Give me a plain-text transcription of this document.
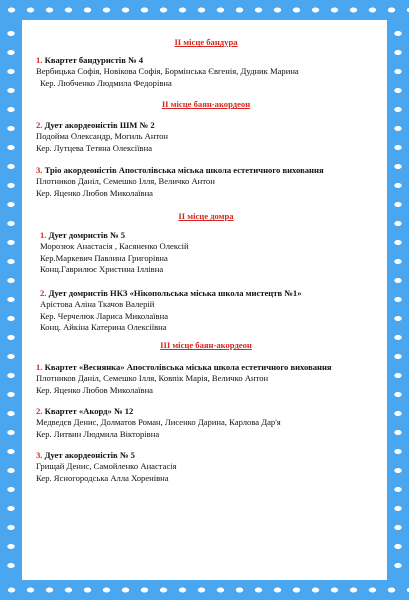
II місце бандура
1. Квартет бандуристів № 4
Вербицька Софія, Новікова Софія, Бормінська Євгенія, Дудник Марина
Кер. Любченко Людмила Федорівна
II місце баян-акордеон
2. Дует акордеоністів ШМ № 2
Подойма Олександр, Могиль Антон
Кер. Лутцева Тетяна Олексіївна
3. Тріо акордеоністів Апостолівська міська школа естетичного виховання
Плотников Даніл, Семешко Ілля, Величко Антон
Кер. Яценко Любов Миколаївна
II місце домра
1. Дует домристів № 5
Морозюк Анастасія , Касяненко Олексій
Кер.Маркевич Павлина Григорівна
Конц.Гаврилює Христина Іллівна
2. Дует домристів НКЗ «Нікопольська міська школа мистецтв №1»
Арістова Аліна Ткачов Валерій
Кер. Черчелюк Лариса Миколаївна
Конц. Айкіна Катерина Олексіївна
III місце баян-акордеон
1. Квартет «Веснянка» Апостолівська міська школа естетичного виховання
Плотников Даніл, Семешко Ілля, Ковпік Марія, Величко Антон
Кер. Яценко Любов Миколаївна
2. Квартет «Акорд» № 12
Медведєв Денис, Долматов Роман, Лисенко Дарина, Карлова Дар'я
Кер. Литвин Людмила Вікторівна
3. Дует акордеоністів № 5
Грищай Денис, Самойленко Анастасія
Кер. Ясногородська Алла Хоренівна
